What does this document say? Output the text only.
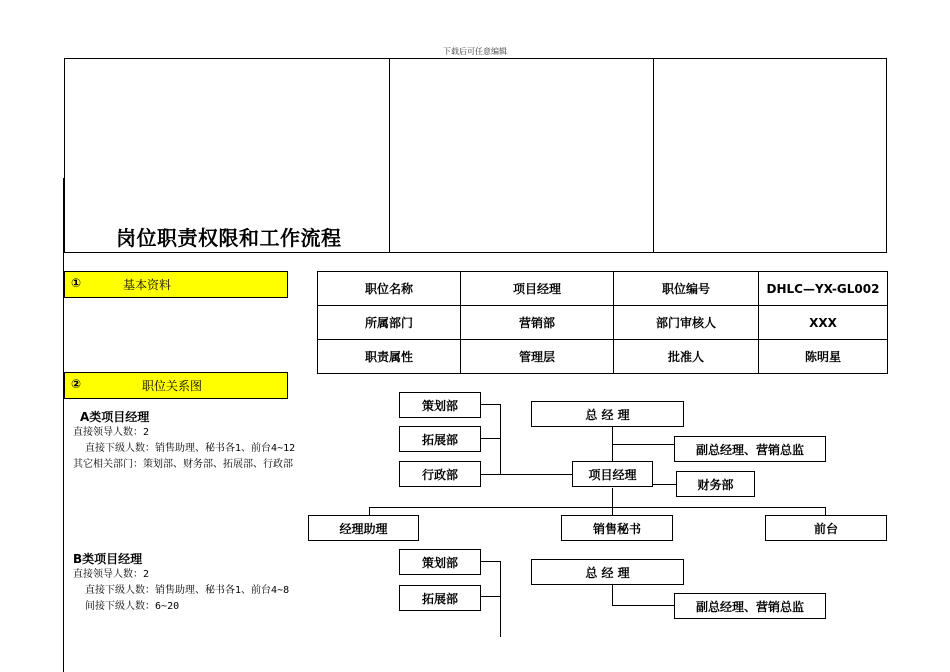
下载后可任意编辑
岗位职责权限和工作流程
①	基本资料	职位名称	项目经理	职位编号	DHLC—YX-GL002
所属部门	营销部	部门审核人	XXX
职责属性	管理层	批准人	陈明星
②	职位关系图
A类项目经理
直接领导人数：2
直接下级人数：销售助理、秘书各1、前台4~12
其它相关部门：策划部、财务部、拓展部、行政部
策划部
拓展部
行政部
总 经 理
副总经理、营销总监
项目经理
财务部
经理助理	销售秘书	前台
B类项目经理
直接领导人数：2
直接下级人数：销售助理、秘书各1、前台4~8
间接下级人数：6~20
策划部
拓展部
总 经 理
副总经理、营销总监
